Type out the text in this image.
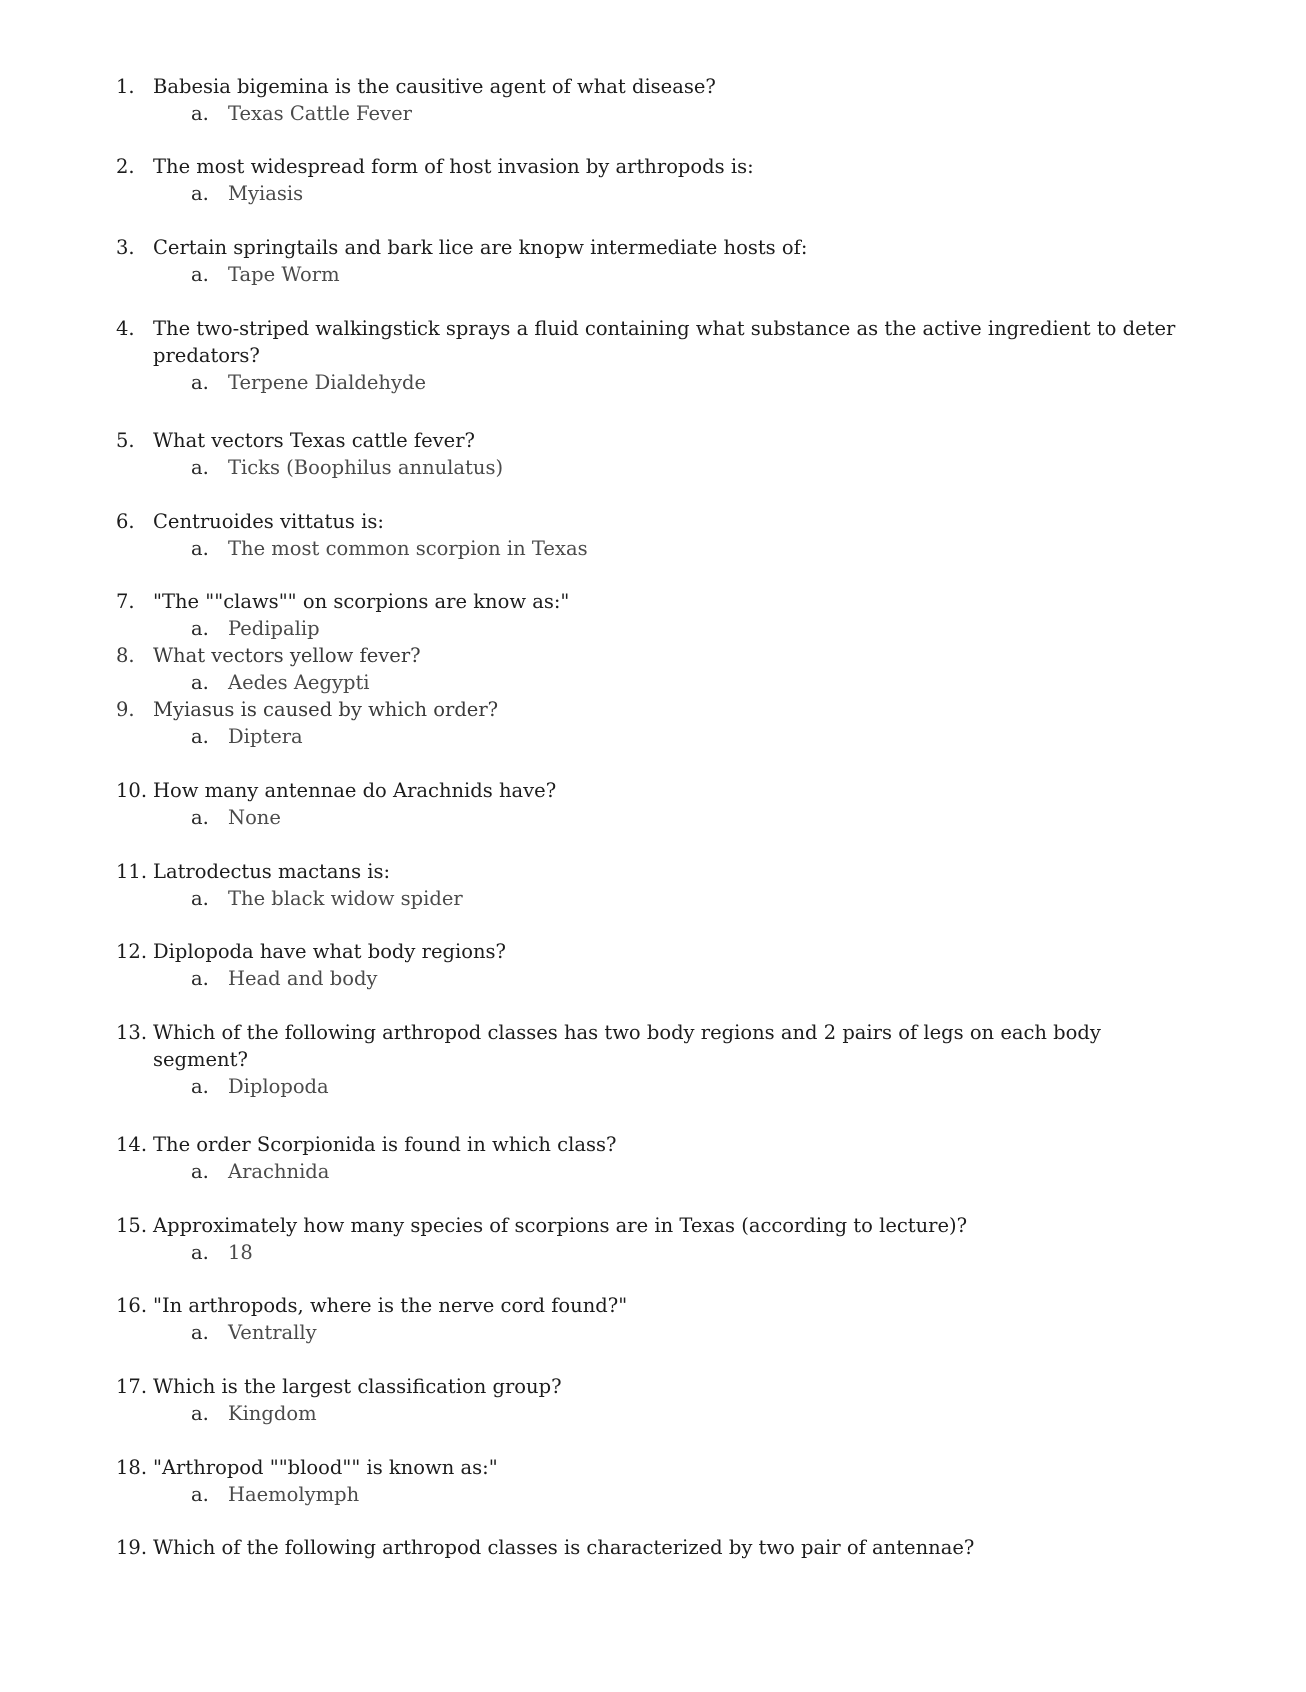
1. Babesia bigemina is the causitive agent of what disease?
a. Texas Cattle Fever
2. The most widespread form of host invasion by arthropods is:
a. Myiasis
3. Certain springtails and bark lice are knopw intermediate hosts of:
a. Tape Worm
4. The two-striped walkingstick sprays a fluid containing what substance as the active ingredient to deter predators?
a. Terpene Dialdehyde
5. What vectors Texas cattle fever?
a. Ticks (Boophilus annulatus)
6. Centruoides vittatus is:
a. The most common scorpion in Texas
7. "The ""claws"" on scorpions are know as:"
a. Pedipalip
8. What vectors yellow fever?
a. Aedes Aegypti
9. Myiasus is caused by which order?
a. Diptera
10. How many antennae do Arachnids have?
a. None
11. Latrodectus mactans is:
a. The black widow spider
12. Diplopoda have what body regions?
a. Head and body
13. Which of the following arthropod classes has two body regions and 2 pairs of legs on each body segment?
a. Diplopoda
14. The order Scorpionida is found in which class?
a. Arachnida
15. Approximately how many species of scorpions are in Texas (according to lecture)?
a. 18
16. "In arthropods, where is the nerve cord found?"
a. Ventrally
17. Which is the largest classification group?
a. Kingdom
18. "Arthropod ""blood"" is known as:"
a. Haemolymph
19. Which of the following arthropod classes is characterized by two pair of antennae?
